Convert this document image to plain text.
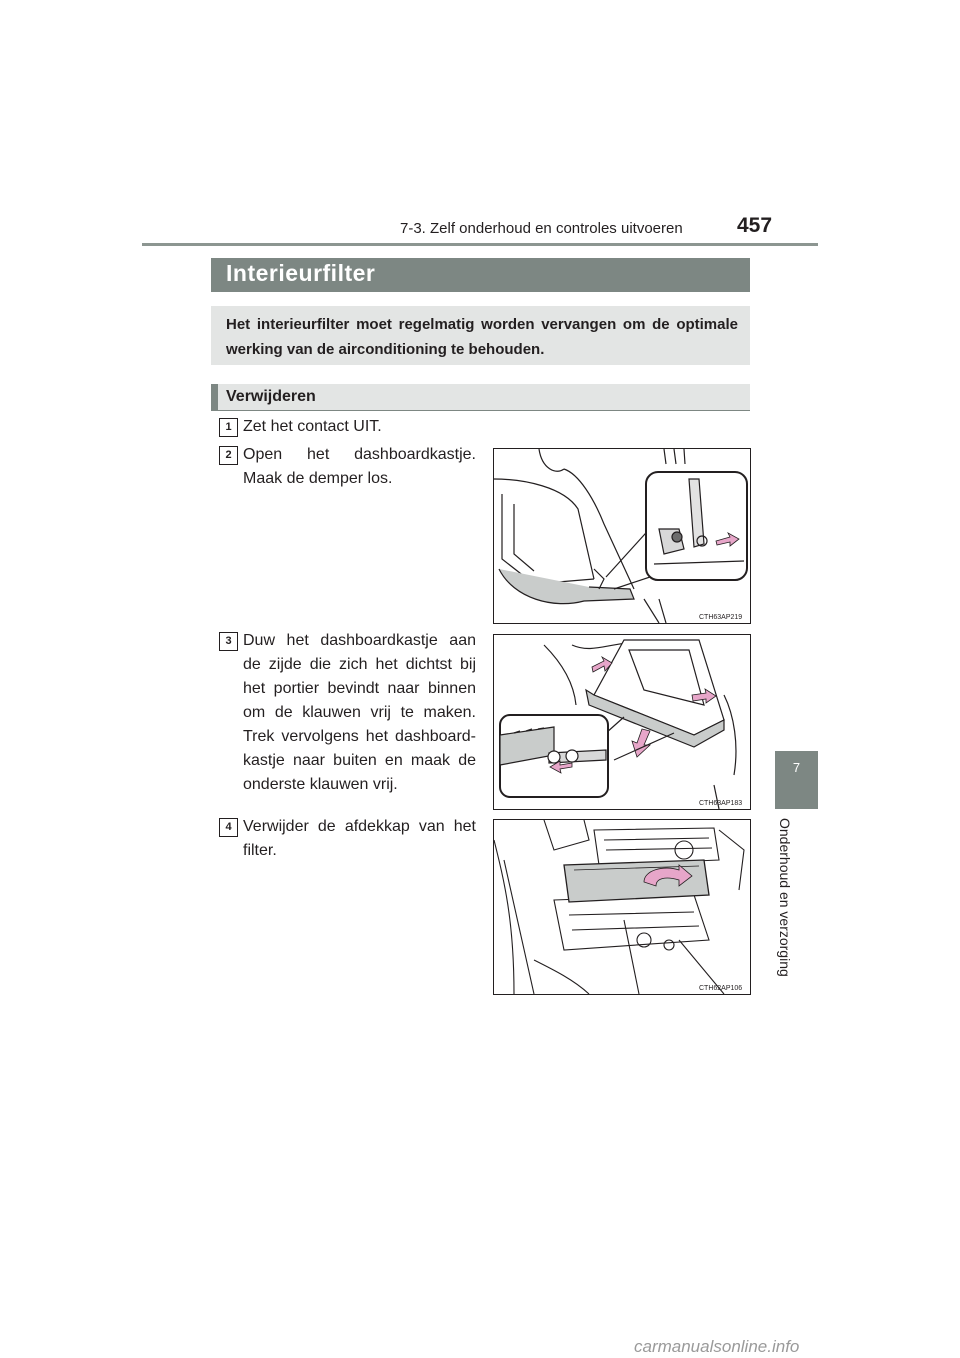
7-3. Zelf onderhoud en controles uitvoeren	457
7
Onderhoud en verzorging
Interieurfilter
Het interieurfilter moet regelmatig worden vervangen om de optimale werking van de airconditioning te behouden.
Verwijderen
1 Zet het contact UIT.
2 Open het dashboardkastje. Maak de demper los.
CTH63AP219
3 Duw het dashboardkastje aan de zijde die zich het dichtst bij het portier bevindt naar binnen om de klauwen vrij te maken. Trek vervolgens het dashboard-kastje naar buiten en maak de onderste klauwen vrij.
CTH63AP183
4 Verwijder de afdekkap van het filter.
CTH62AP106
carmanualsonline.info
